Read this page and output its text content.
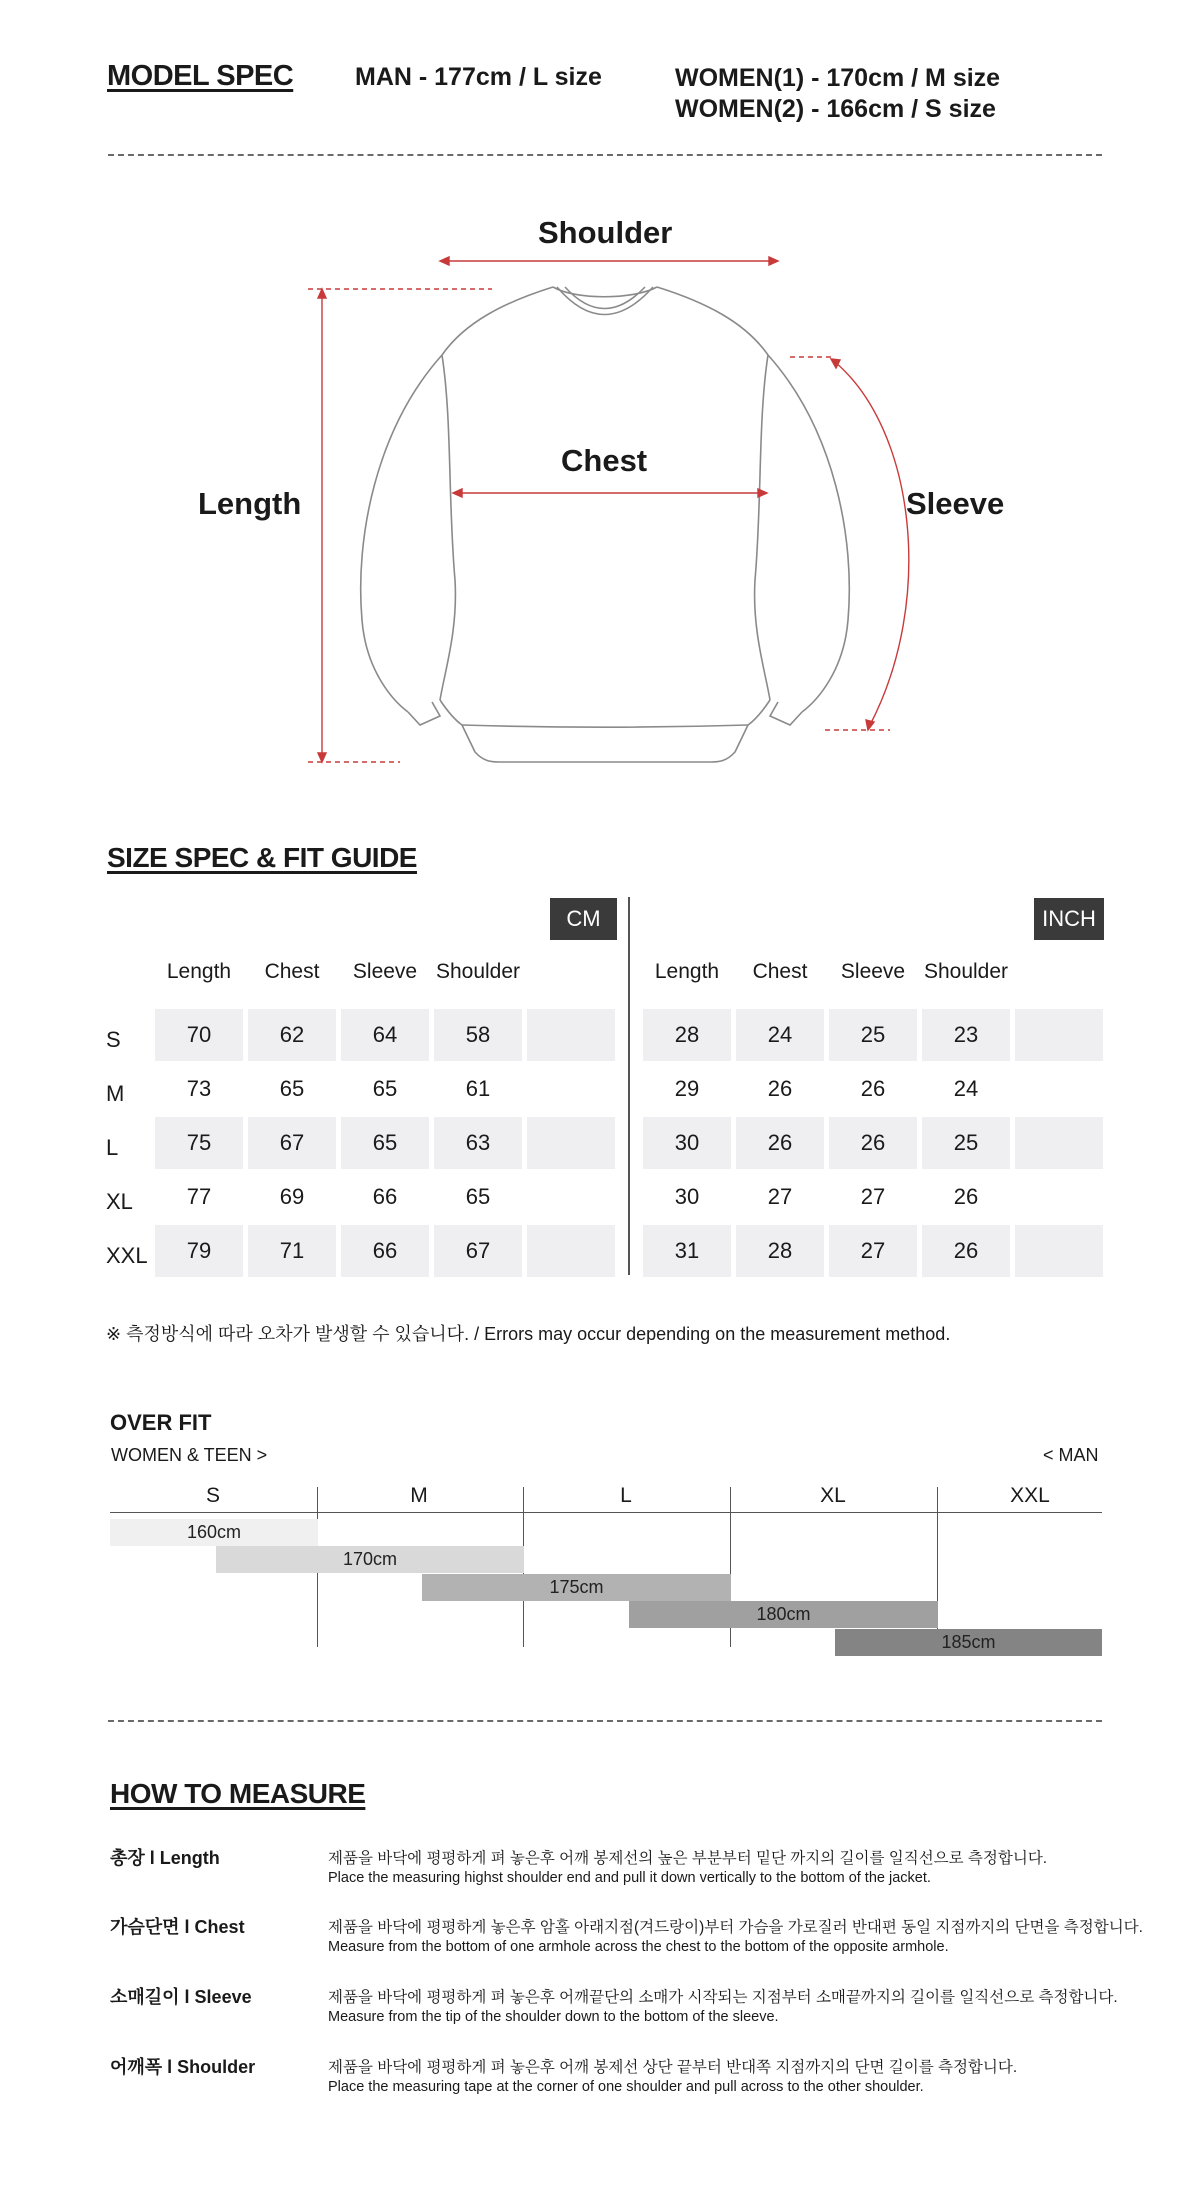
MODEL SPEC MAN - 177cm / L size	WOMEN(1) - 170cm / M size
WOMEN(2) - 166cm / S size
Shoulder
Chest
Length	Sleeve
SIZE SPEC & FIT GUIDE
CM	INCH
Length	Chest	Sleeve Shoulder	Length	Chest	Sleeve Shoulder
S	70	62	64	58	28	24	25	23
M	73	65	65	61	29	26	26	24
L	75	67	65	63	30	26	26	25
XL	77	69	66	65	30	27	27	26
XXL	79	71	66	67	31	28	27	26
※ 측정방식에 따라 오차가 발생할 수 있습니다. / Errors may occur depending on the measurement method.
OVER FIT
WOMEN & TEEN >	< MAN
S	M	L	XL	XXL
160cm
170cm
175cm
180cm
185cm
HOW TO MEASURE
총장 l Length	제품을 바닥에 평평하게 펴 놓은후 어깨 봉제선의 높은 부분부터 밑단 까지의 길이를 일직선으로 측정합니다.
Place the measuring highst shoulder end and pull it down vertically to the bottom of the jacket.
가슴단면 l Chest	제품을 바닥에 평평하게 놓은후 암홀 아래지점(겨드랑이)부터 가슴을 가로질러 반대편 동일 지점까지의 단면을 측정합니다.
Measure from the bottom of one armhole across the chest to the bottom of the opposite armhole.
소매길이 l Sleeve	제품을 바닥에 평평하게 펴 놓은후 어깨끝단의 소매가 시작되는 지점부터 소매끝까지의 길이를 일직선으로 측정합니다.
Measure from the tip of the shoulder down to the bottom of the sleeve.
어깨폭 l Shoulder	제품을 바닥에 평평하게 펴 놓은후 어깨 봉제선 상단 끝부터 반대쪽 지점까지의 단면 길이를 측정합니다.
Place the measuring tape at the corner of one shoulder and pull across to the other shoulder.
